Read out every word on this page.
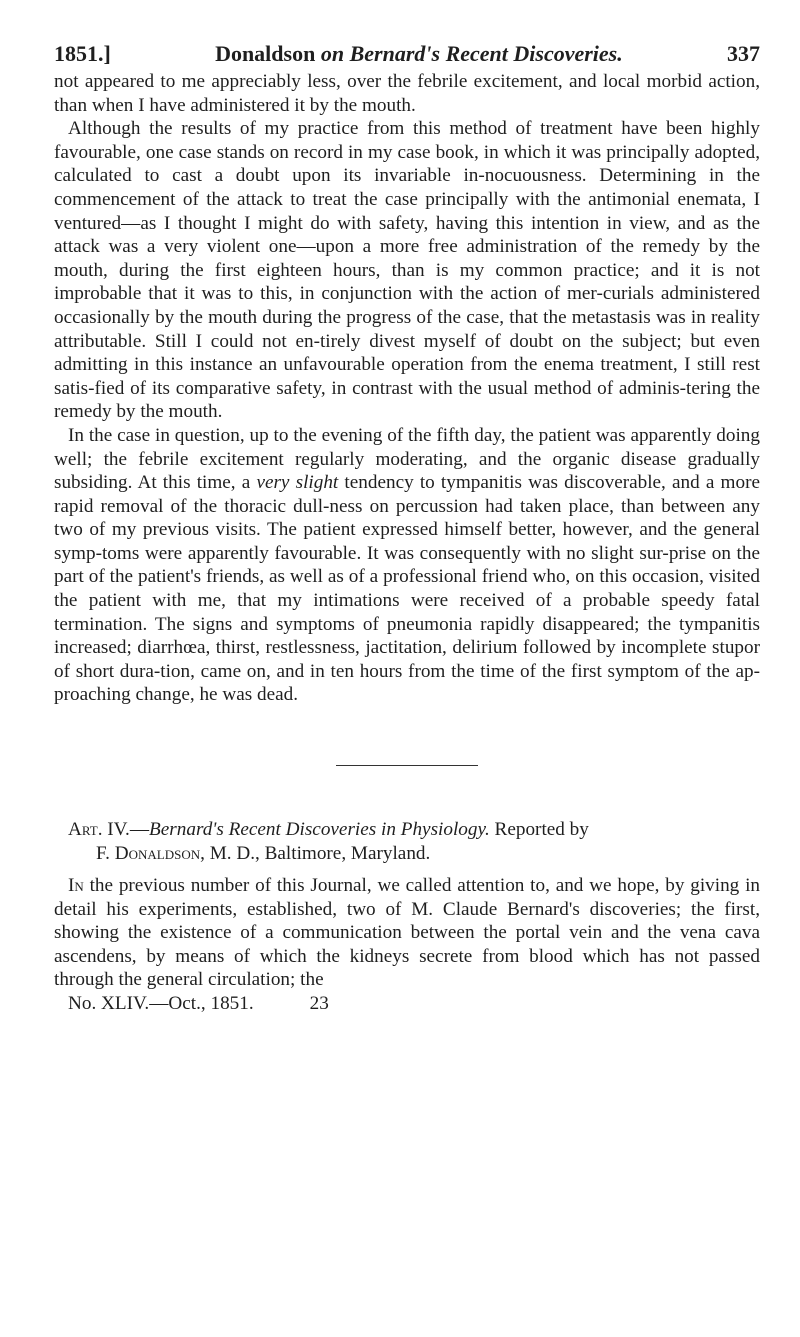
1851.]	Donaldson on Bernard's Recent Discoveries.	337

not appeared to me appreciably less, over the febrile excitement, and local morbid action, than when I have administered it by the mouth.

Although the results of my practice from this method of treatment have been highly favourable, one case stands on record in my case book, in which it was principally adopted, calculated to cast a doubt upon its invariable in-nocuousness. Determining in the commencement of the attack to treat the case principally with the antimonial enemata, I ventured—as I thought I might do with safety, having this intention in view, and as the attack was a very violent one—upon a more free administration of the remedy by the mouth, during the first eighteen hours, than is my common practice; and it is not improbable that it was to this, in conjunction with the action of mer-curials administered occasionally by the mouth during the progress of the case, that the metastasis was in reality attributable. Still I could not en-tirely divest myself of doubt on the subject; but even admitting in this instance an unfavourable operation from the enema treatment, I still rest satis-fied of its comparative safety, in contrast with the usual method of adminis-tering the remedy by the mouth.

In the case in question, up to the evening of the fifth day, the patient was apparently doing well; the febrile excitement regularly moderating, and the organic disease gradually subsiding. At this time, a very slight tendency to tympanitis was discoverable, and a more rapid removal of the thoracic dull-ness on percussion had taken place, than between any two of my previous visits. The patient expressed himself better, however, and the general symp-toms were apparently favourable. It was consequently with no slight sur-prise on the part of the patient's friends, as well as of a professional friend who, on this occasion, visited the patient with me, that my intimations were received of a probable speedy fatal termination. The signs and symptoms of pneumonia rapidly disappeared; the tympanitis increased; diarrhœa, thirst, restlessness, jactitation, delirium followed by incomplete stupor of short dura-tion, came on, and in ten hours from the time of the first symptom of the ap-proaching change, he was dead.

Art. IV.—Bernard's Recent Discoveries in Physiology. Reported by
F. Donaldson, M. D., Baltimore, Maryland.

In the previous number of this Journal, we called attention to, and we hope, by giving in detail his experiments, established, two of M. Claude Bernard's discoveries; the first, showing the existence of a communication between the portal vein and the vena cava ascendens, by means of which the kidneys secrete from blood which has not passed through the general circulation; the

No. XLIV.—Oct., 1851.	23
